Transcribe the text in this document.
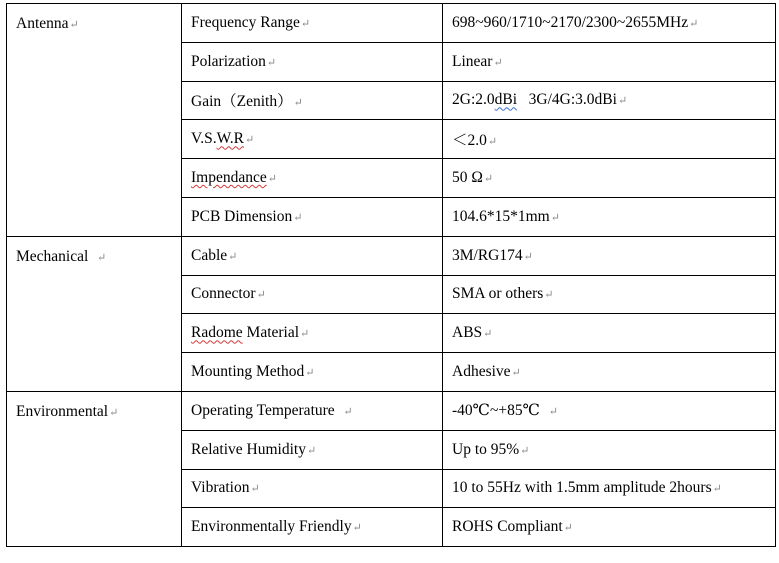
Antenna↵	Frequency Range↵	698~960/1710~2170/2300~2655MHz↵
	Polarization↵	Linear↵
	Gain（Zenith）↵	2G:2.0dBi   3G/4G:3.0dBi↵
	V.S.W.R↵	＜2.0↵
	Impendance↵	50 Ω↵
	PCB Dimension↵	104.6*15*1mm↵
Mechanical ↵	Cable↵	3M/RG174↵
	Connector↵	SMA or others↵
	Radome Material↵	ABS↵
	Mounting Method↵	Adhesive↵
Environmental↵	Operating Temperature ↵	-40℃~+85℃ ↵
	Relative Humidity↵	Up to 95%↵
	Vibration↵	10 to 55Hz with 1.5mm amplitude 2hours↵
	Environmentally Friendly↵	ROHS Compliant↵
